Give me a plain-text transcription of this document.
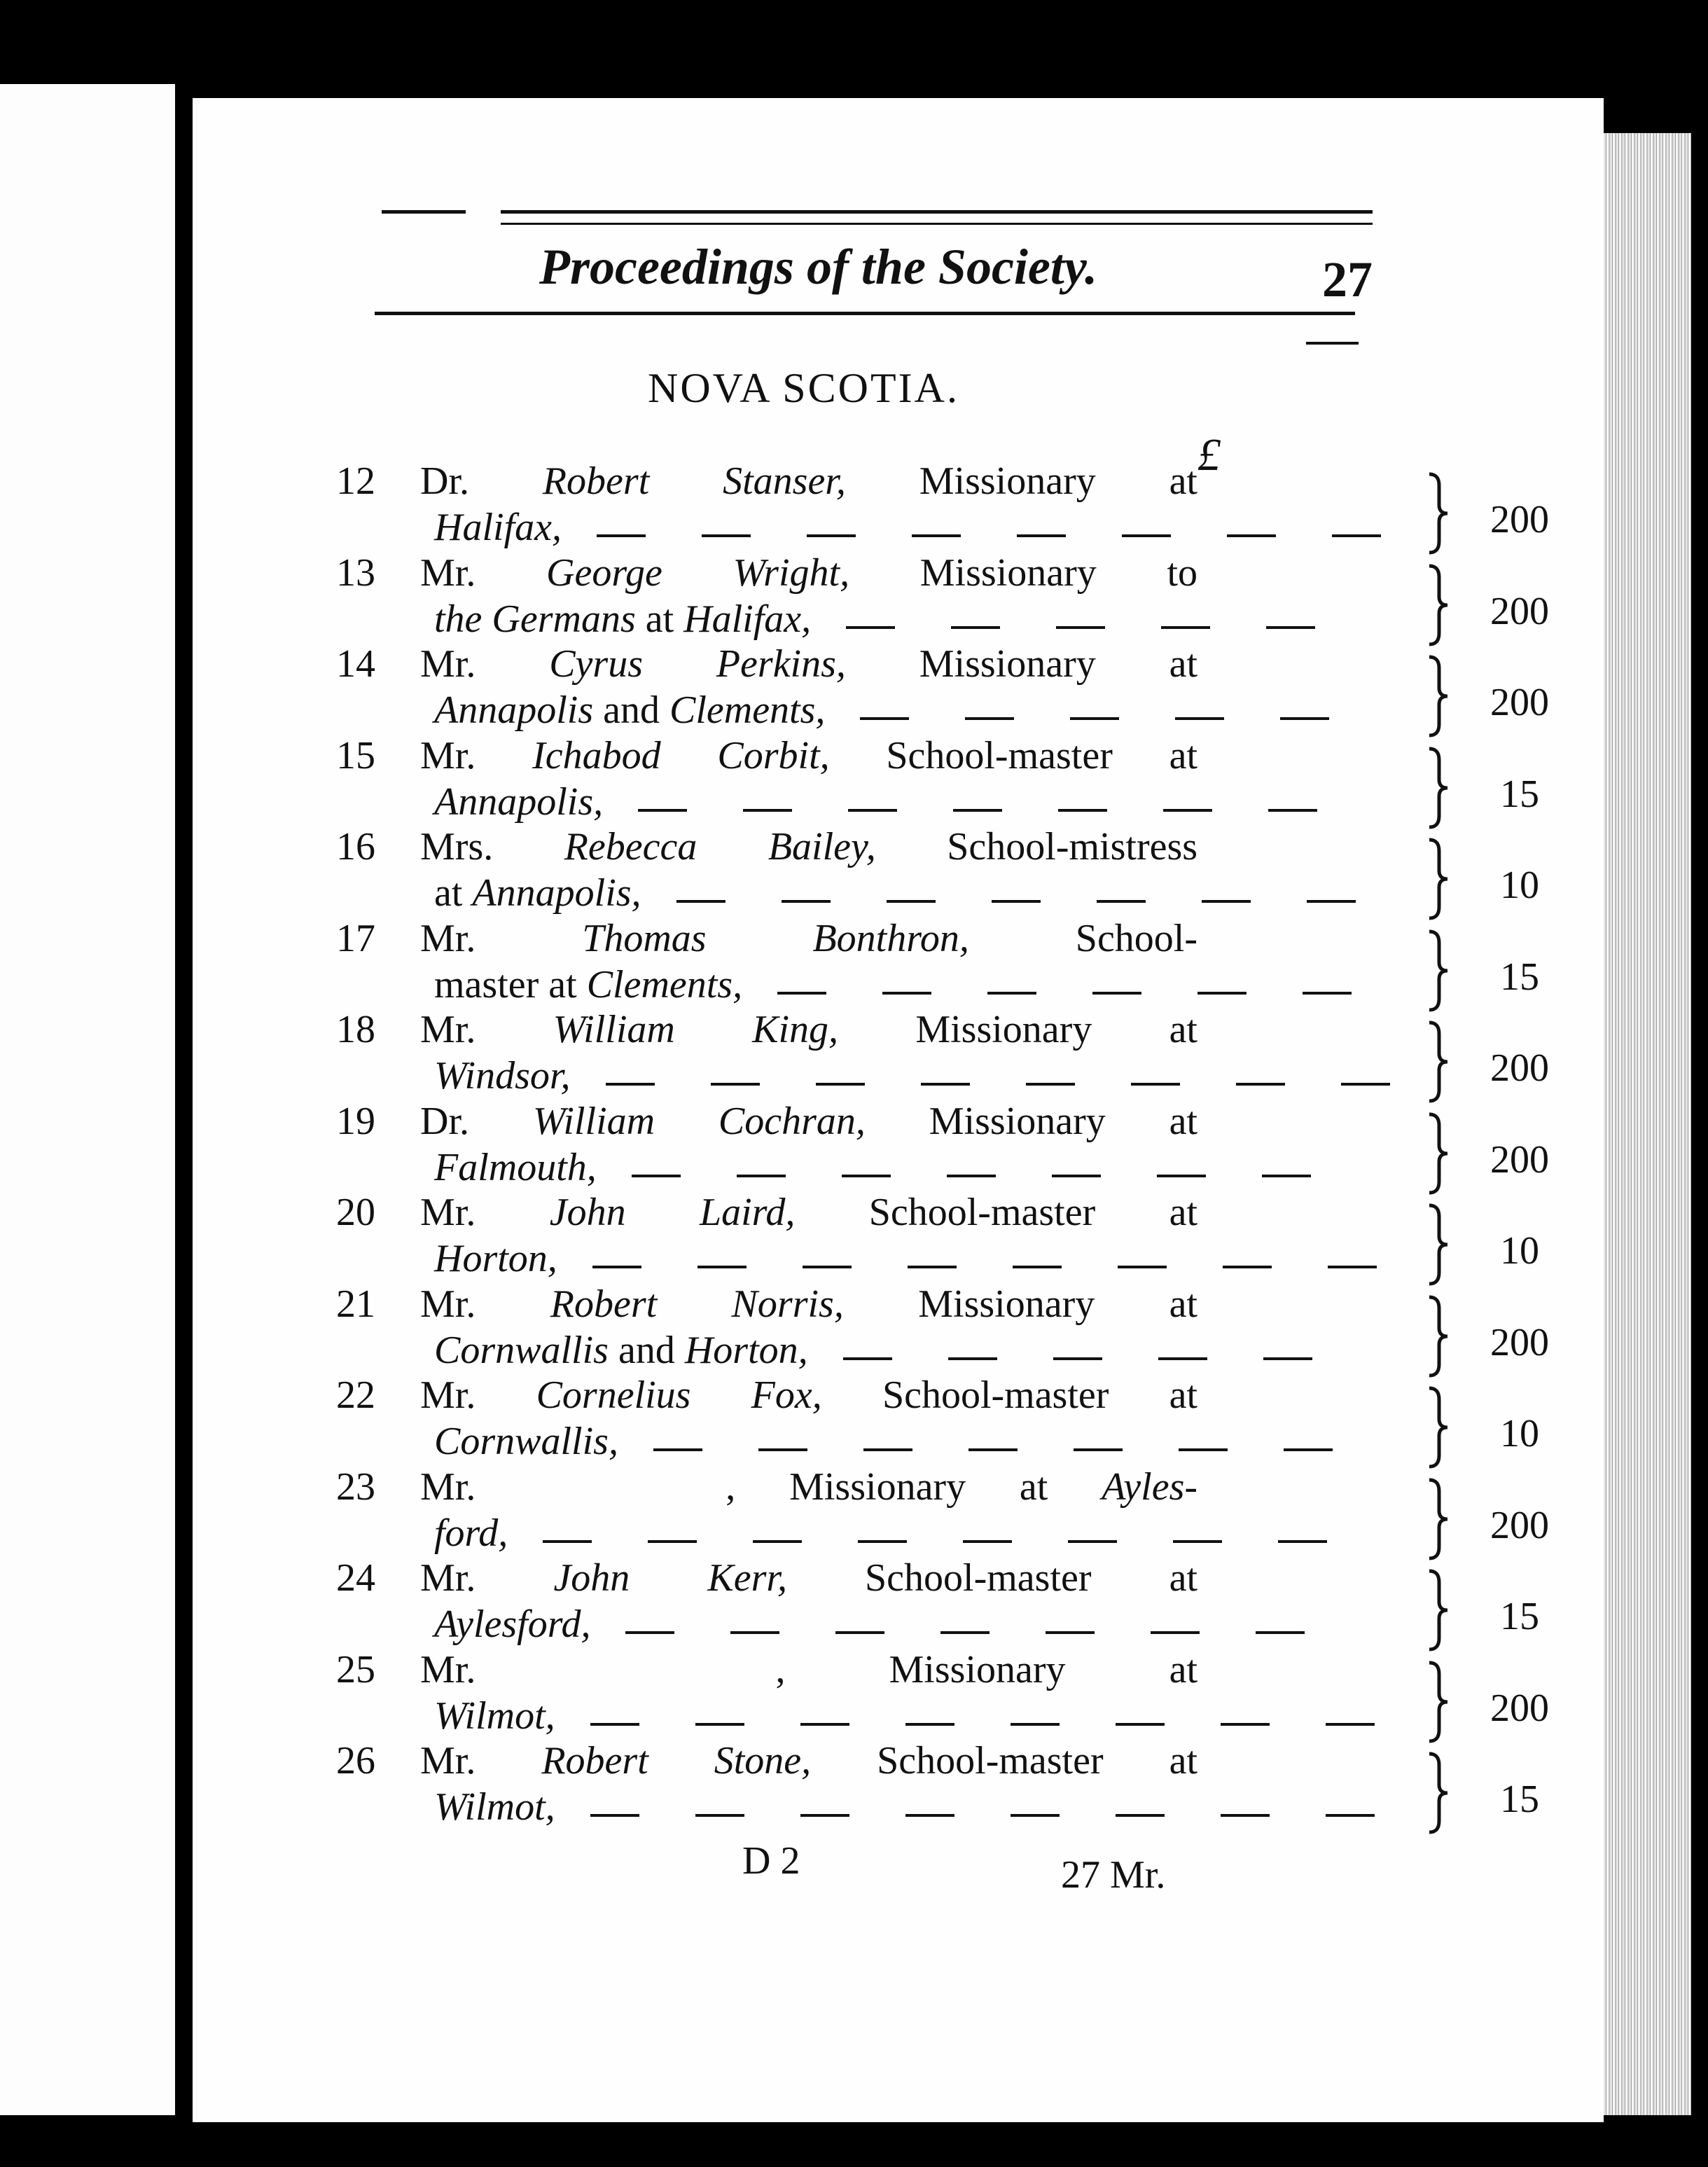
Proceedings of the Society.	27
NOVA SCOTIA.
£
12	Dr. Robert Stanser, Missionary at
Halifax,	200
13	Mr. George Wright, Missionary to
the Germans at Halifax,	200
14	Mr. Cyrus Perkins, Missionary at
Annapolis and Clements,	200
15	Mr. Ichabod Corbit, School-master at
Annapolis,	15
16	Mrs. Rebecca Bailey, School-mistress
at Annapolis,	10
17	Mr.	Thomas Bonthron,	School-
master at Clements,	15
18	Mr. William King, Missionary at
Windsor,	200
19	Dr. William Cochran, Missionary at
Falmouth,	200
20	Mr. John Laird, School-master at
Horton,	10
21	Mr. Robert Norris, Missionary at
Cornwallis and Horton,	200
22	Mr. Cornelius Fox, School-master at
Cornwallis,	10
23	Mr.	, Missionary at Ayles-
ford,	200
24	Mr. John Kerr, School-master at
Aylesford,	15
25	Mr.	, Missionary at
Wilmot,	200
26	Mr. Robert Stone, School-master at
Wilmot,	15
D 2	27 Mr.
